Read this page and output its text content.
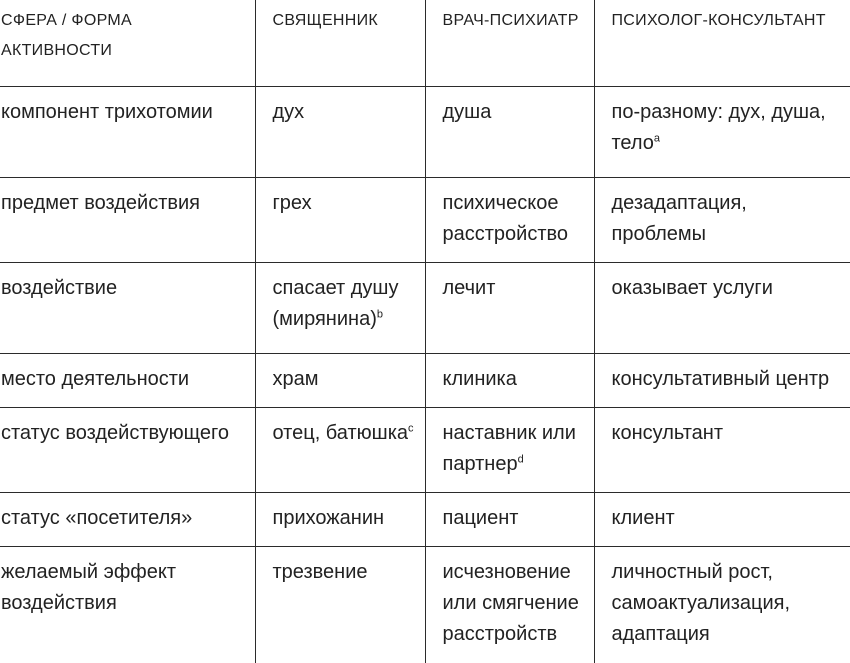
СФЕРА / ФОРМА АКТИВНОСТИ	СВЯЩЕННИК	ВРАЧ-ПСИХИАТР	ПСИХОЛОГ-КОНСУЛЬТАНТ
компонент трихотомии	дух	душа	по-разному: дух, душа, тело$^a$
предмет воздействия	грех	психическое расстройство	дезадаптация, проблемы
воздействие	спасает душу (мирянина)$^b$	лечит	оказывает услуги
место деятельности	храм	клиника	консультативный центр
статус воздействующего	отец, батюшка$^c$	наставник или партнер$^d$	консультант
статус «посетителя»	прихожанин	пациент	клиент
желаемый эффект воздействия	трезвение	исчезновение или смягчение расстройств	личностный рост, самоактуализация, адаптация
